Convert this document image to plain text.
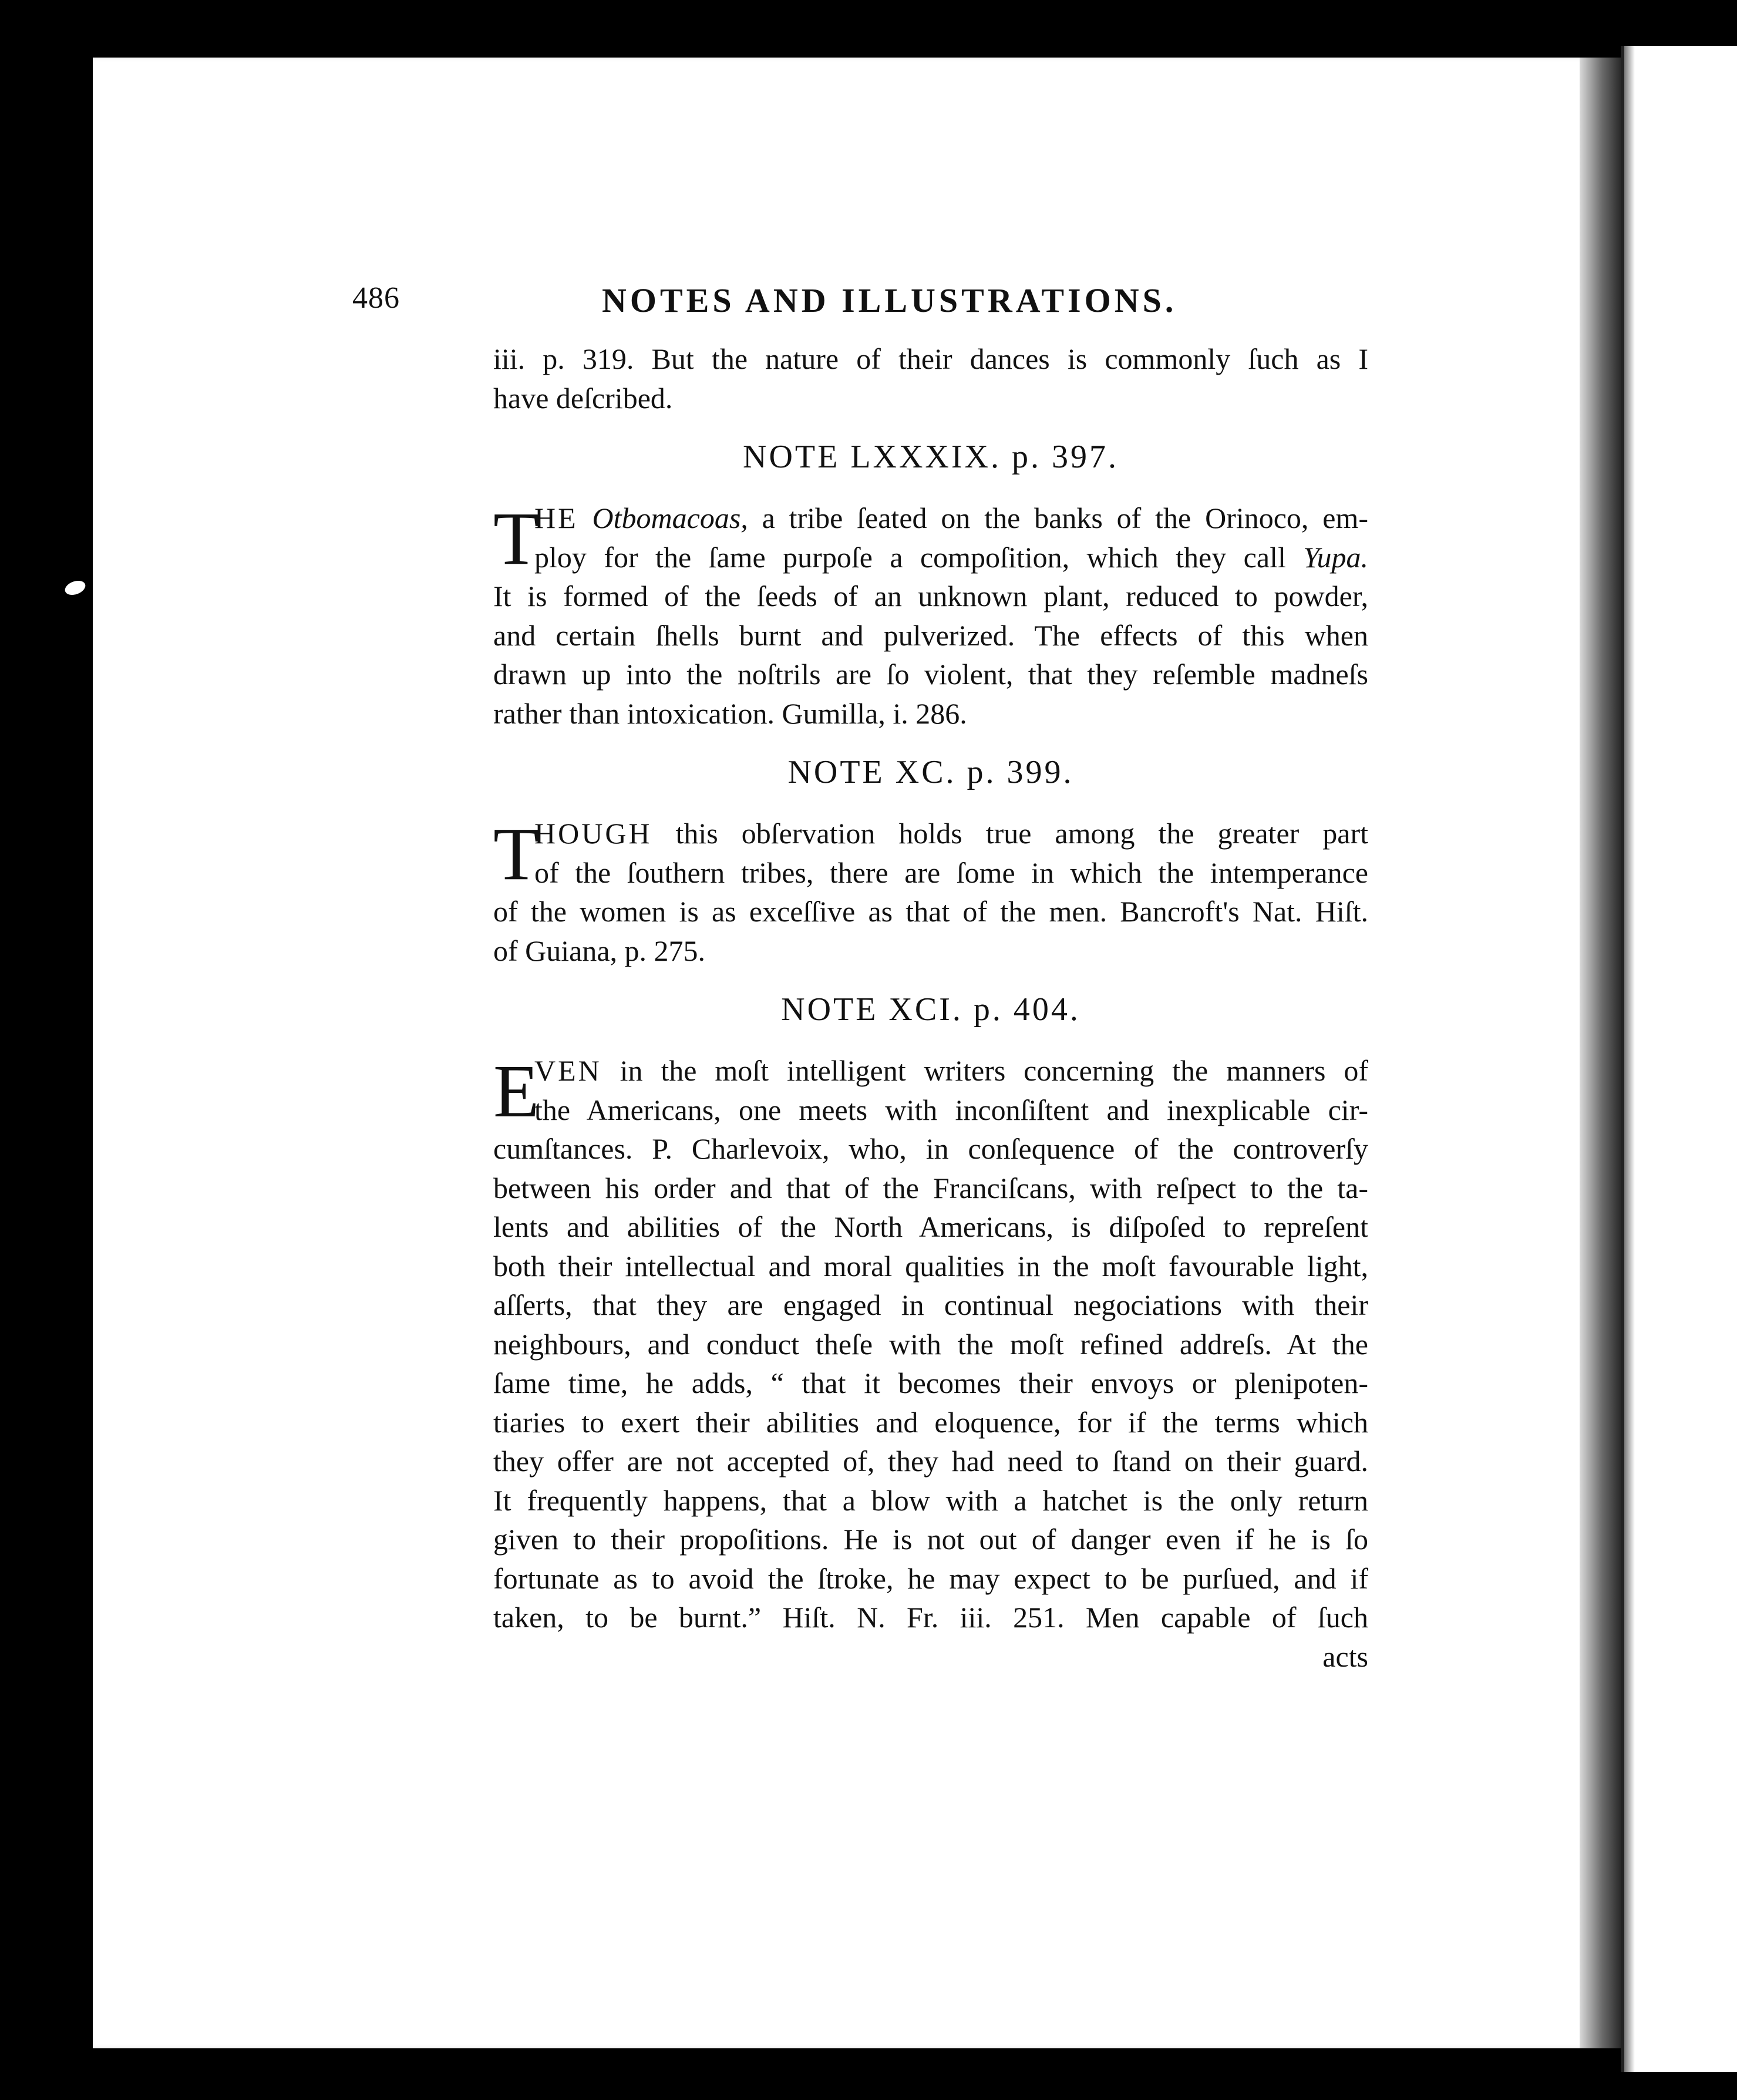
486	NOTES AND ILLUSTRATIONS.
iii. p. 319. But the nature of their dances is commonly ſuch as I
have deſcribed.
NOTE LXXXIX. p. 397.
T
HE Otbomacoas, a tribe ſeated on the banks of the Orinoco, em-
ploy for the ſame purpoſe a compoſition, which they call Yupa.
It is formed of the ſeeds of an unknown plant, reduced to powder,
and certain ſhells burnt and pulverized. The effects of this when
drawn up into the noſtrils are ſo violent, that they reſemble madneſs
rather than intoxication. Gumilla, i. 286.
NOTE XC. p. 399.
T
HOUGH this obſervation holds true among the greater part
of the ſouthern tribes, there are ſome in which the intemperance
of the women is as exceſſive as that of the men. Bancroft's Nat. Hiſt.
of Guiana, p. 275.
NOTE XCI. p. 404.
E
VEN in the moſt intelligent writers concerning the manners of
the Americans, one meets with inconſiſtent and inexplicable cir-
cumſtances. P. Charlevoix, who, in conſequence of the controverſy
between his order and that of the Franciſcans, with reſpect to the ta-
lents and abilities of the North Americans, is diſpoſed to repreſent
both their intellectual and moral qualities in the moſt favourable light,
aſſerts, that they are engaged in continual negociations with their
neighbours, and conduct theſe with the moſt refined addreſs. At the
ſame time, he adds, “ that it becomes their envoys or plenipoten-
tiaries to exert their abilities and eloquence, for if the terms which
they offer are not accepted of, they had need to ſtand on their guard.
It frequently happens, that a blow with a hatchet is the only return
given to their propoſitions. He is not out of danger even if he is ſo
fortunate as to avoid the ſtroke, he may expect to be purſued, and if
taken, to be burnt.” Hiſt. N. Fr. iii. 251. Men capable of ſuch
acts
